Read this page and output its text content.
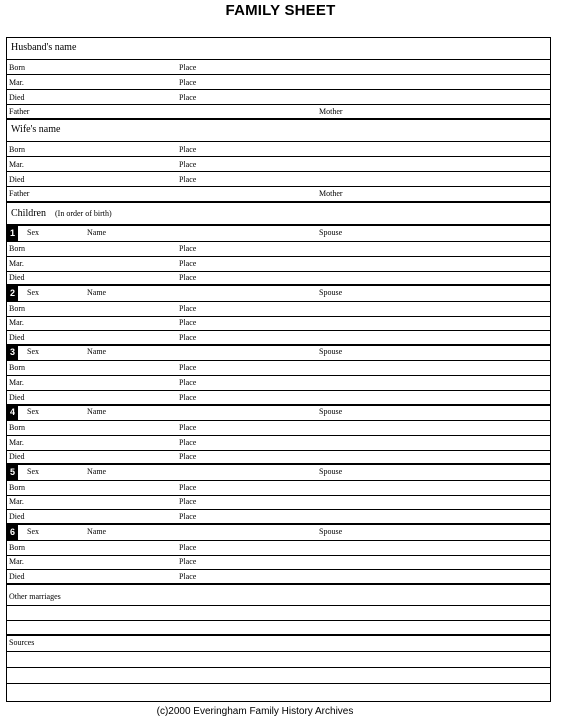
FAMILY SHEET
Husband's name
Born	Place
Mar.	Place
Died	Place
Father	Mother
Wife's name
Born	Place
Mar.	Place
Died	Place
Father	Mother
Children (In order of birth)
1	Sex	Name	Spouse
Born	Place
Mar.	Place
Died	Place
2	Sex	Name	Spouse
Born	Place
Mar.	Place
Died	Place
3	Sex	Name	Spouse
Born	Place
Mar.	Place
Died	Place
4	Sex	Name	Spouse
Born	Place
Mar.	Place
Died	Place
5	Sex	Name	Spouse
Born	Place
Mar.	Place
Died	Place
6	Sex	Name	Spouse
Born	Place
Mar.	Place
Died	Place
Other marriages
Sources
(c)2000 Everingham Family History Archives
